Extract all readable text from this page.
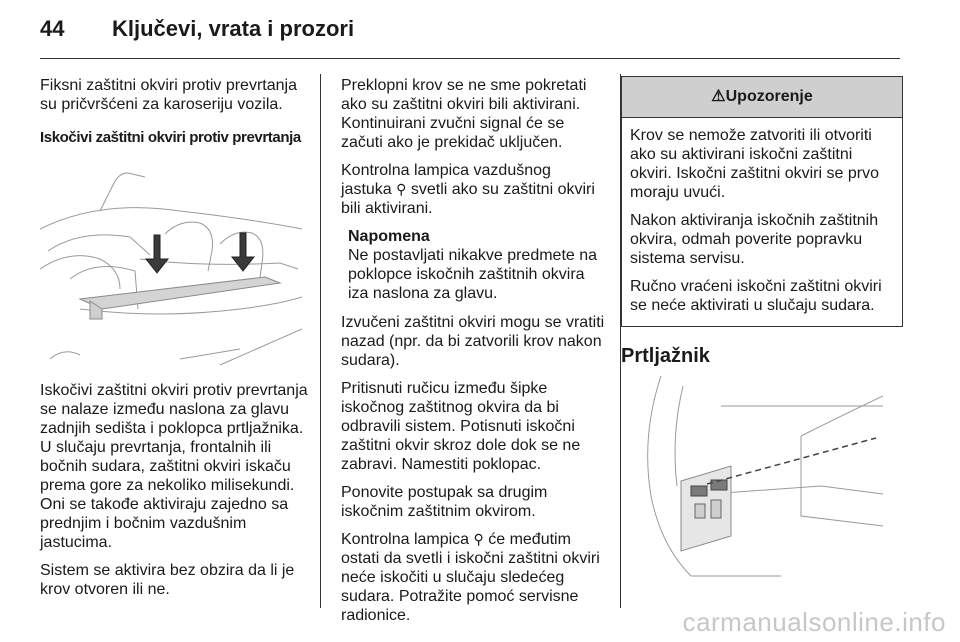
44 Ključevi, vrata i prozori

Fiksni zaštitni okviri protiv prevrtanja su pričvršćeni za karoseriju vozila.

Iskočivi zaštitni okviri protiv prevrtanja

Iskočivi zaštitni okviri protiv prevrtanja se nalaze između naslona za glavu zadnjih sedišta i poklopca prtljažnika. U slučaju prevrtanja, frontalnih ili bočnih sudara, zaštitni okviri iskaču prema gore za nekoliko milisekundi. Oni se takođe aktiviraju zajedno sa prednjim i bočnim vazdušnim jastucima.

Sistem se aktivira bez obzira da li je krov otvoren ili ne.

Preklopni krov se ne sme pokretati ako su zaštitni okviri bili aktivirani. Kontinuirani zvučni signal će se začuti ako je prekidač uključen.

Kontrolna lampica vazdušnog jastuka ⚲ svetli ako su zaštitni okviri bili aktivirani.

Napomena
Ne postavljati nikakve predmete na poklopce iskočnih zaštitnih okvira iza naslona za glavu.

Izvučeni zaštitni okviri mogu se vratiti nazad (npr. da bi zatvorili krov nakon sudara).

Pritisnuti ručicu između šipke iskočnog zaštitnog okvira da bi odbravili sistem. Potisnuti iskočni zaštitni okvir skroz dole dok se ne zabravi. Namestiti poklopac.

Ponovite postupak sa drugim iskočnim zaštitnim okvirom.

Kontrolna lampica ⚲ će međutim ostati da svetli i iskočni zaštitni okviri neće iskočiti u slučaju sledećeg sudara. Potražite pomoć servisne radionice.

⚠Upozorenje

Krov se nemože zatvoriti ili otvoriti ako su aktivirani iskočni zaštitni okviri. Iskočni zaštitni okviri se prvo moraju uvući.

Nakon aktiviranja iskočnih zaštitnih okvira, odmah poverite popravku sistema servisu.

Ručno vraćeni iskočni zaštitni okviri se neće aktivirati u slučaju sudara.

Prtljažnik
carmanualsonline.info
